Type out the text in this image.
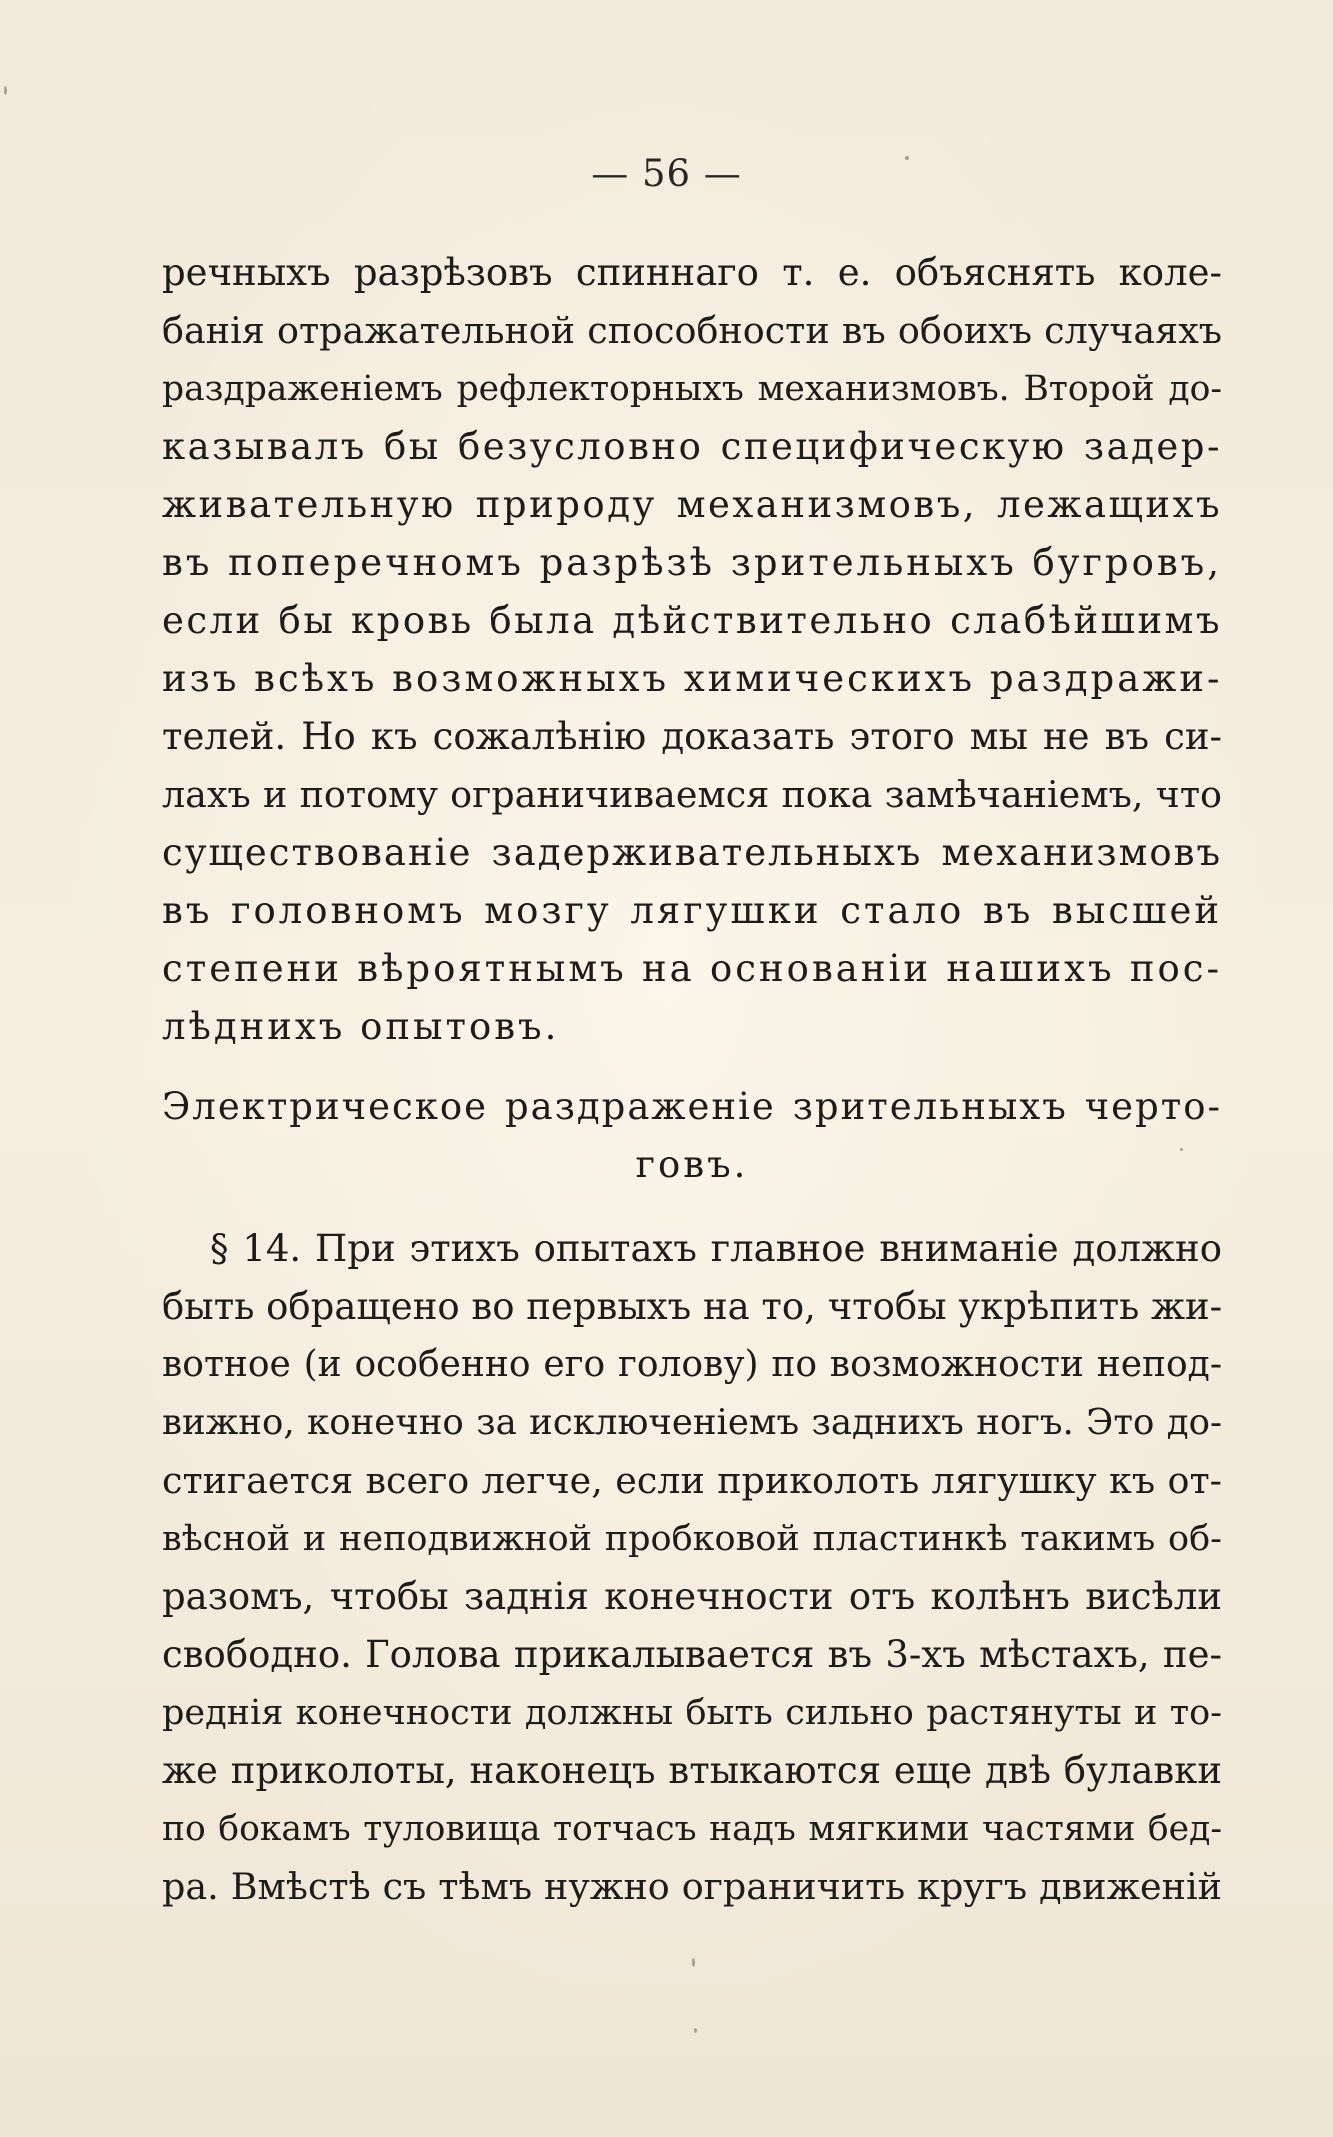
— 56 —
речныхъ разрѣзовъ спиннаго т. е. объяснять коле-
банія отражательной способности въ обоихъ случаяхъ
раздраженіемъ рефлекторныхъ механизмовъ. Второй до-
казывалъ бы безусловно специфическую задер-
живательную природу механизмовъ, лежащихъ
въ поперечномъ разрѣзѣ зрительныхъ бугровъ,
если бы кровь была дѣйствительно слабѣйшимъ
изъ всѣхъ возможныхъ химическихъ раздражи-
телей. Но къ сожалѣнію доказать этого мы не въ си-
лахъ и потому ограничиваемся пока замѣчаніемъ, что
существованіе задерживательныхъ механизмовъ
въ головномъ мозгу лягушки стало въ высшей
степени вѣроятнымъ на основаніи нашихъ пос-
лѣднихъ опытовъ.
Электрическое раздраженіе зрительныхъ черто-
говъ.
§ 14. При этихъ опытахъ главное вниманіе должно
быть обращено во первыхъ на то, чтобы укрѣпить жи-
вотное (и особенно его голову) по возможности непод-
вижно, конечно за исключеніемъ заднихъ ногъ. Это до-
стигается всего легче, если приколоть лягушку къ от-
вѣсной и неподвижной пробковой пластинкѣ такимъ об-
разомъ, чтобы заднія конечности отъ колѣнъ висѣли
свободно. Голова прикалывается въ 3-хъ мѣстахъ, пе-
реднія конечности должны быть сильно растянуты и то-
же приколоты, наконецъ втыкаются еще двѣ булавки
по бокамъ туловища тотчасъ надъ мягкими частями бед-
ра. Вмѣстѣ съ тѣмъ нужно ограничить кругъ движеній
